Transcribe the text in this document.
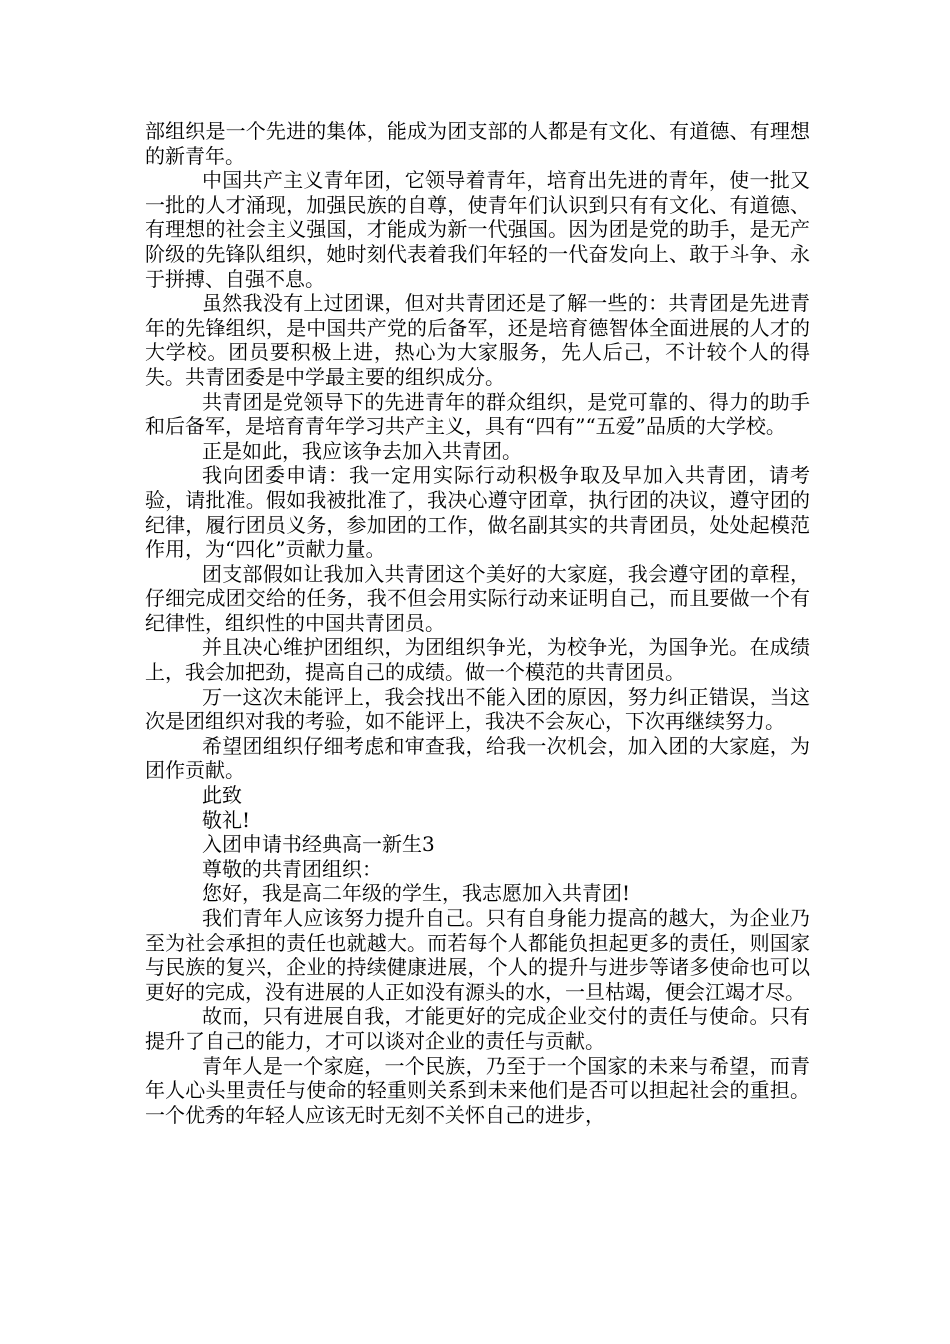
部组织是一个先进的集体，能成为团支部的人都是有文化、有道德、有理想的新青年。

中国共产主义青年团，它领导着青年，培育出先进的青年，使一批又一批的人才涌现，加强民族的自尊，使青年们认识到只有有文化、有道德、有理想的社会主义强国，才能成为新一代强国。因为团是党的助手，是无产阶级的先锋队组织，她时刻代表着我们年轻的一代奋发向上、敢于斗争、永于拼搏、自强不息。

虽然我没有上过团课，但对共青团还是了解一些的：共青团是先进青年的先锋组织，是中国共产党的后备军，还是培育德智体全面进展的人才的大学校。团员要积极上进，热心为大家服务，先人后己，不计较个人的得失。共青团委是中学最主要的组织成分。

共青团是党领导下的先进青年的群众组织，是党可靠的、得力的助手和后备军，是培育青年学习共产主义，具有“四有”“五爱”品质的大学校。

正是如此，我应该争去加入共青团。

我向团委申请：我一定用实际行动积极争取及早加入共青团，请考验，请批准。假如我被批准了，我决心遵守团章，执行团的决议，遵守团的纪律，履行团员义务，参加团的工作，做名副其实的共青团员，处处起模范作用，为“四化”贡献力量。

团支部假如让我加入共青团这个美好的大家庭，我会遵守团的章程，仔细完成团交给的任务，我不但会用实际行动来证明自己，而且要做一个有纪律性，组织性的中国共青团员。

并且决心维护团组织，为团组织争光，为校争光，为国争光。在成绩上，我会加把劲，提高自己的成绩。做一个模范的共青团员。

万一这次未能评上，我会找出不能入团的原因，努力纠正错误，当这次是团组织对我的考验，如不能评上，我决不会灰心，下次再继续努力。

希望团组织仔细考虑和审查我，给我一次机会，加入团的大家庭，为团作贡献。

此致

敬礼!

入团申请书经典高一新生3

尊敬的共青团组织：

您好，我是高二年级的学生，我志愿加入共青团!

我们青年人应该努力提升自己。只有自身能力提高的越大，为企业乃至为社会承担的责任也就越大。而若每个人都能负担起更多的责任，则国家与民族的复兴，企业的持续健康进展，个人的提升与进步等诸多使命也可以更好的完成，没有进展的人正如没有源头的水，一旦枯竭，便会江竭才尽。

故而，只有进展自我，才能更好的完成企业交付的责任与使命。只有提升了自己的能力，才可以谈对企业的责任与贡献。

青年人是一个家庭，一个民族，乃至于一个国家的未来与希望，而青年人心头里责任与使命的轻重则关系到未来他们是否可以担起社会的重担。一个优秀的年轻人应该无时无刻不关怀自己的进步，
